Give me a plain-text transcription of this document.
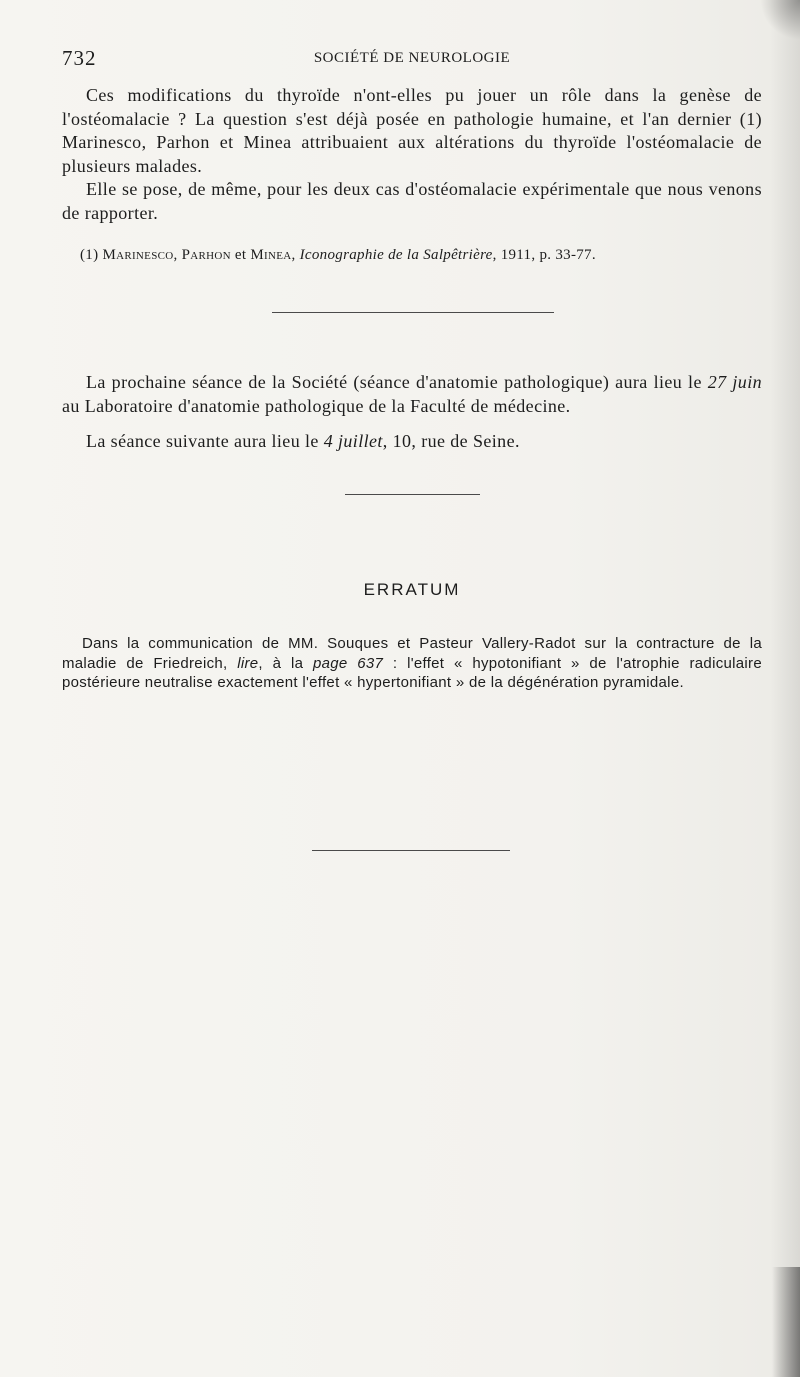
732	SOCIÉTÉ DE NEUROLOGIE

Ces modifications du thyroïde n'ont-elles pu jouer un rôle dans la genèse de l'ostéomalacie ? La question s'est déjà posée en pathologie humaine, et l'an dernier (1) Marinesco, Parhon et Minea attribuaient aux altérations du thyroïde l'ostéomalacie de plusieurs malades.

Elle se pose, de même, pour les deux cas d'ostéomalacie expérimentale que nous venons de rapporter.

(1) Marinesco, Parhon et Minea, Iconographie de la Salpêtrière, 1911, p. 33-77.

La prochaine séance de la Société (séance d'anatomie pathologique) aura lieu le 27 juin au Laboratoire d'anatomie pathologique de la Faculté de médecine.

La séance suivante aura lieu le 4 juillet, 10, rue de Seine.

ERRATUM

Dans la communication de MM. Souques et Pasteur Vallery-Radot sur la contracture de la maladie de Friedreich, lire, à la page 637 : l'effet « hypotonifiant » de l'atrophie radiculaire postérieure neutralise exactement l'effet « hypertonifiant » de la dégénération pyramidale.
